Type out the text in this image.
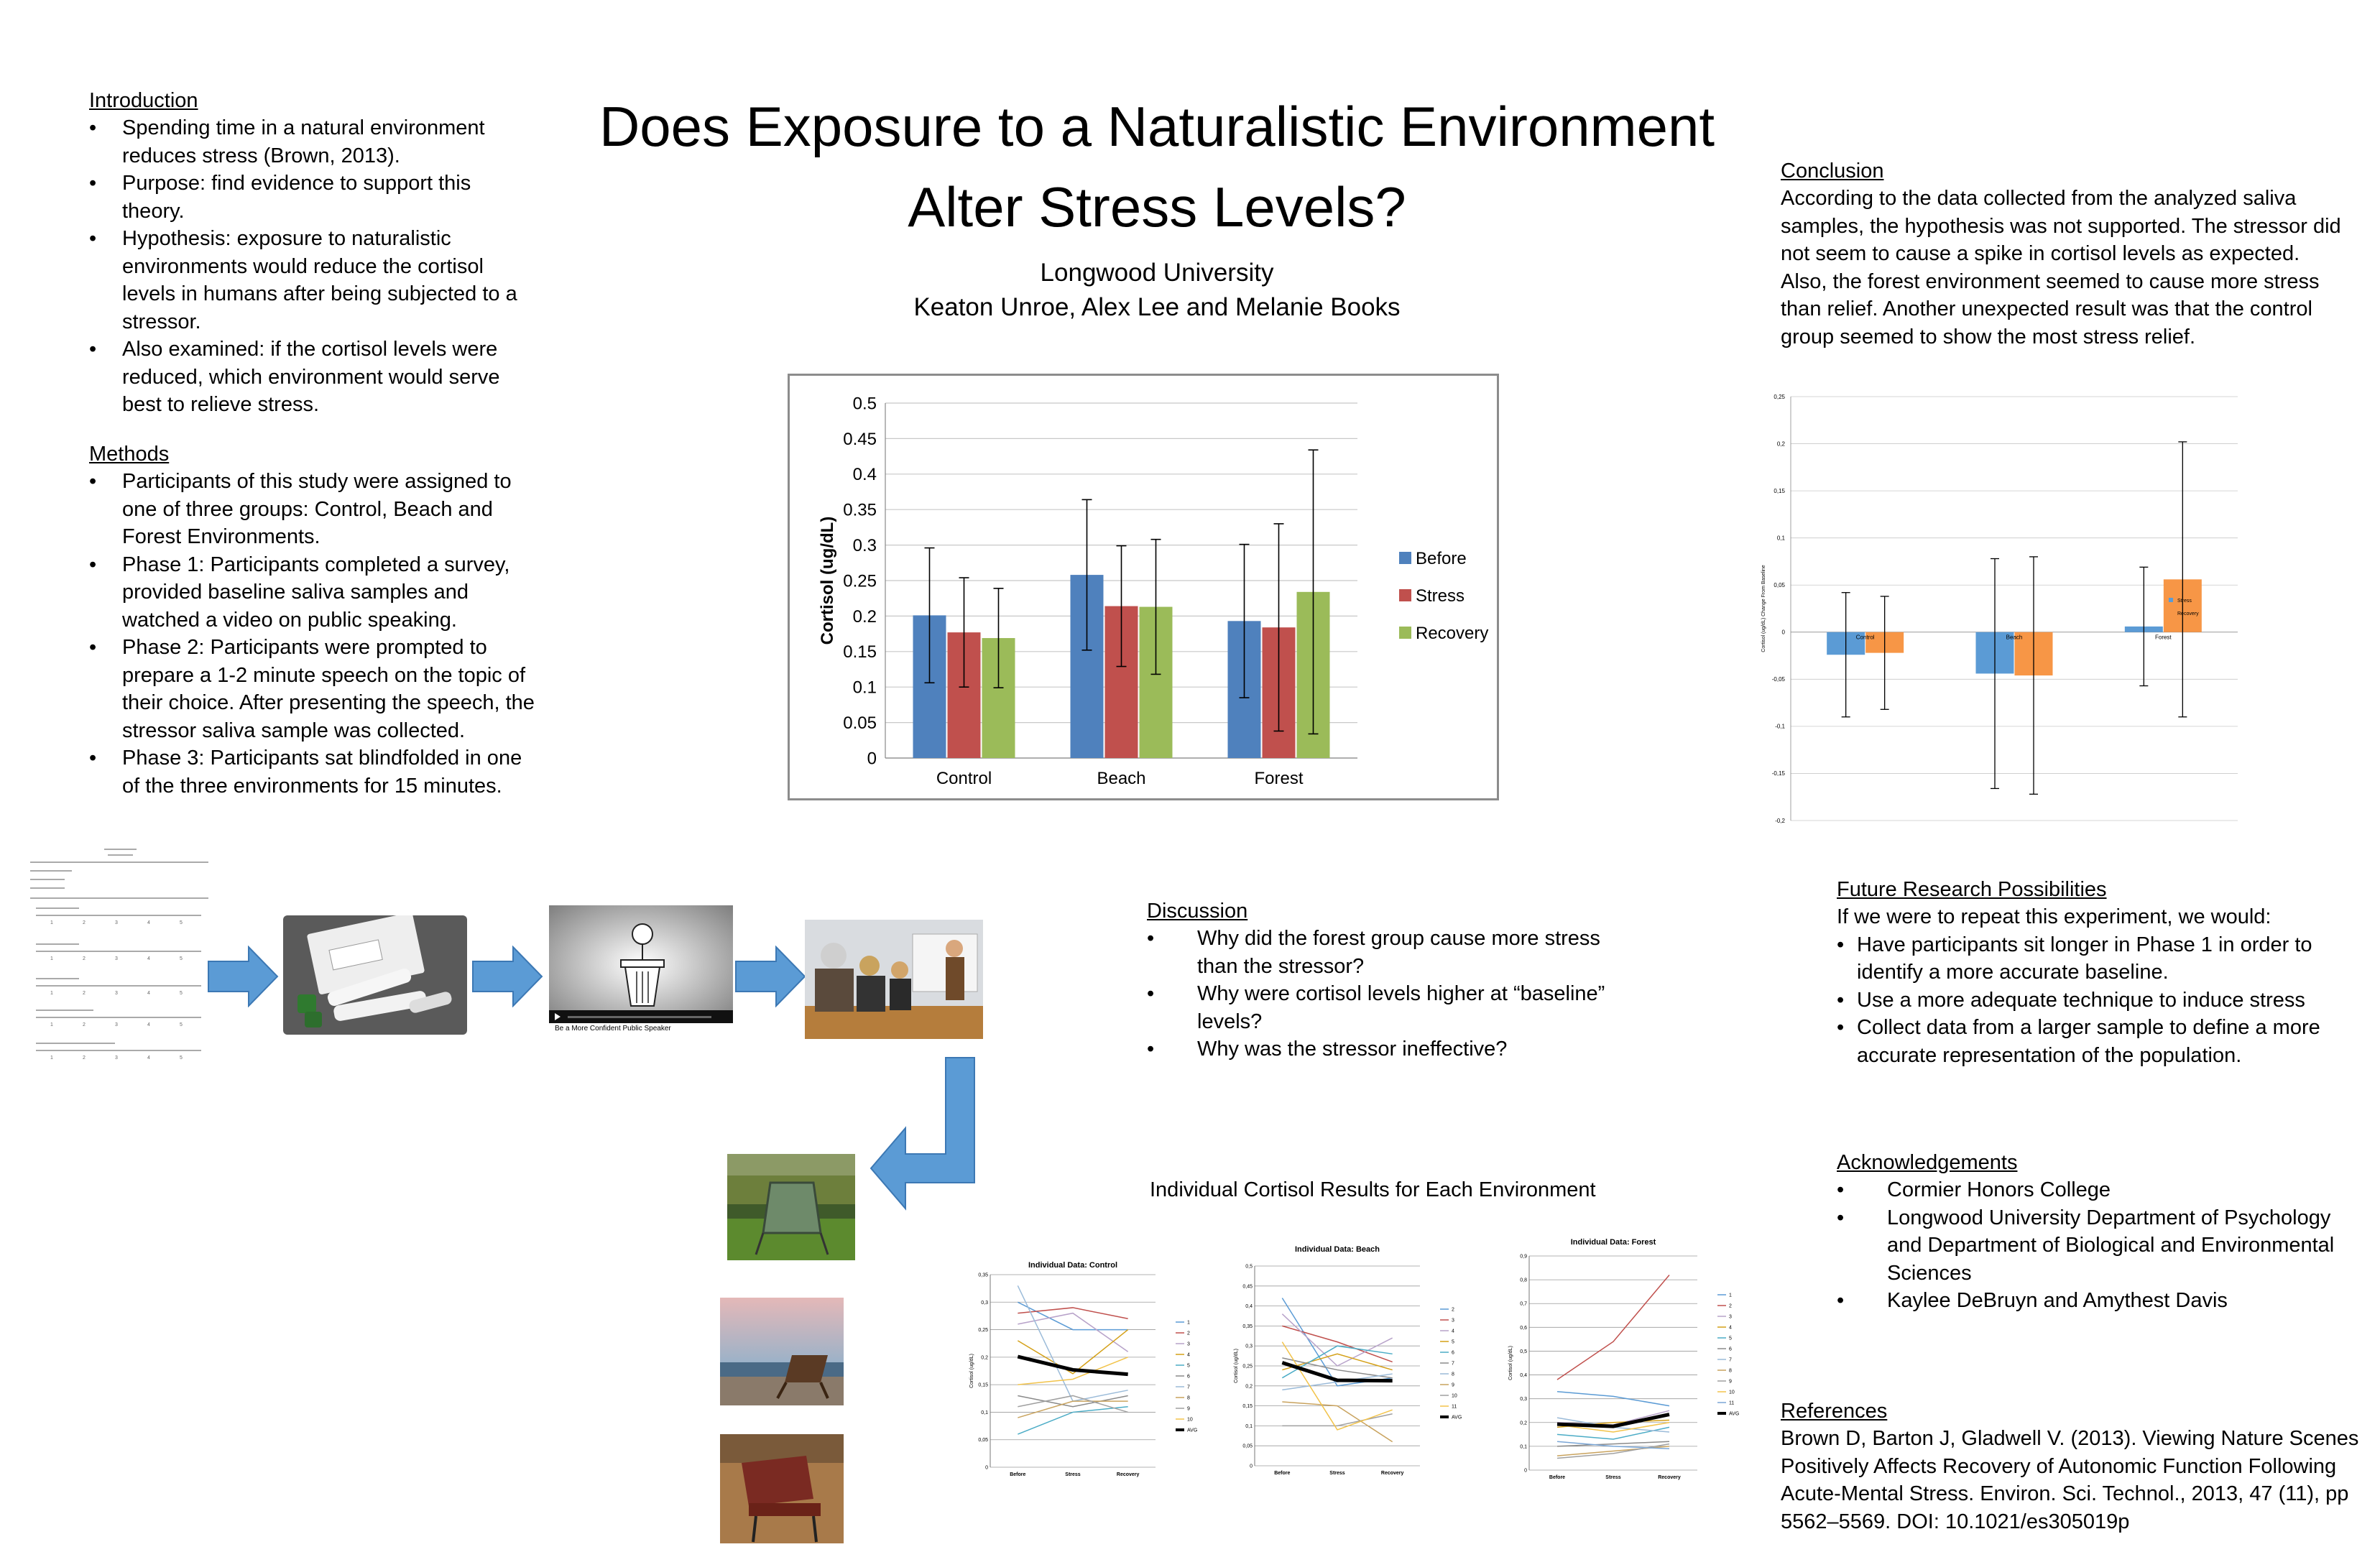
Introduction
• Spending time in a natural environment reduces stress (Brown, 2013).
• Purpose: find evidence to support this theory.
• Hypothesis: exposure to naturalistic environments would reduce the cortisol levels in humans after being subjected to a stressor.
• Also examined: if the cortisol levels were reduced, which environment would serve best to relieve stress.
Methods
• Participants of this study were assigned to one of three groups: Control, Beach and Forest Environments.
• Phase 1: Participants completed a survey, provided baseline saliva samples and watched a video on public speaking.
• Phase 2: Participants were prompted to prepare a 1-2 minute speech on the topic of their choice. After presenting the speech, the stressor saliva sample was collected.
• Phase 3: Participants sat blindfolded in one of the three environments for 15 minutes.
Does Exposure to a Naturalistic Environment
Alter Stress Levels?
Longwood University
Keaton Unroe, Alex Lee and Melanie Books
0
0.05
0.1
0.15
0.2
0.25
0.3
0.35
0.4
0.45
0.5
Control	Beach	Forest
Cortisol (ug/dL)	Before
Stress
Recovery
Conclusion
According to the data collected from the analyzed saliva samples, the hypothesis was not supported. The stressor did not seem to cause a spike in cortisol levels as expected. Also, the forest environment seemed to cause more stress than relief. Another unexpected result was that the control group seemed to show the most stress relief.
-0,2
-0,15
-0,1
-0,05
0
0,05
0,1
0,15
0,2
0,25
Control	Beach	Forest
Cortisol (ug/dL) Change From Baseline	Stress
Recovery
Future Research Possibilities
If we were to repeat this experiment, we would:
• Have participants sit longer in Phase 1 in order to identify a more accurate baseline.
• Use a more adequate technique to induce stress
• Collect data from a larger sample to define a more accurate representation of the population.
Acknowledgements
• Cormier Honors College
• Longwood University Department of Psychology and Department of Biological and Environmental Sciences
• Kaylee DeBruyn and Amythest Davis
References
Brown D, Barton J, Gladwell V. (2013). Viewing Nature Scenes Positively Affects Recovery of Autonomic Function Following Acute-Mental Stress. Environ. Sci. Technol., 2013, 47 (11), pp 5562–5569. DOI: 10.1021/es305019p
Discussion
• Why did the forest group cause more stress than the stressor?
• Why were cortisol levels higher at “baseline” levels?
• Why was the stressor ineffective?
1	2	3	4	5
1	2	3	4	5
1	2	3	4	5
1	2	3	4	5
1	2	3	4	5
Be a More Confident Public Speaker
Individual Cortisol Results for Each Environment
0
0,05
0,1
0,15
0,2
0,25
0,3
0,35
Before	Stress	Recovery
Individual Data: Control
Cortisol (ug/dL)
1
2
3
4
5
6
7
8
9
10
AVG
0
0,05
0,1
0,15
0,2
0,25
0,3
0,35
0,4
0,45
0,5
Before	Stress	Recovery
Individual Data: Beach
Cortisol (ug/dL)
2
3
4
5
6
7
8
9
10
11
AVG
0
0,1
0,2
0,3
0,4
0,5
0,6
0,7
0,8
0,9
Before	Stress	Recovery
Individual Data: Forest
Cortisol (ug/dL)
1
2
3
4
5
6
7
8
9
10
11
AVG
